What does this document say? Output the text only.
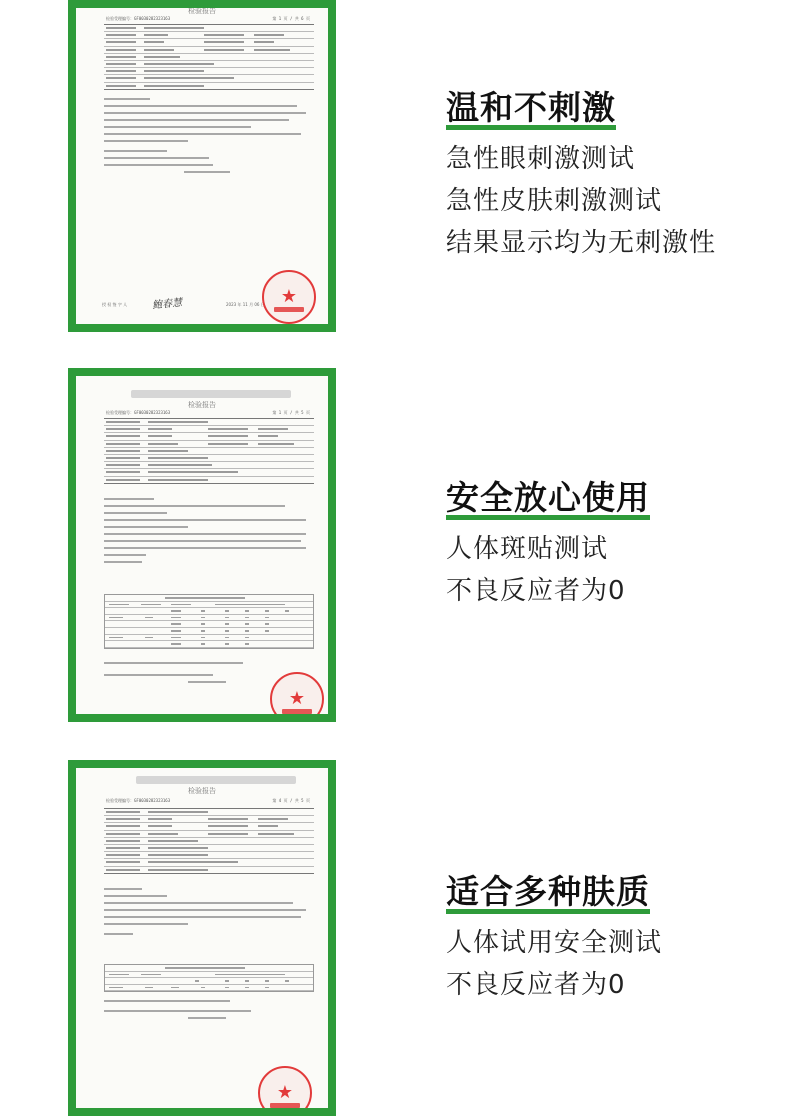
检验报告
检验受理编号：GF0030282323163	第 1 页 / 共 6 页
授 权 签 字 人 鲍春慧	2023 年 11 月 06 日 ★
温和不刺激
急性眼刺激测试
急性皮肤刺激测试
结果显示均为无刺激性
检验报告
检验受理编号：GF0030282323163	第 1 页 / 共 5 页
★
安全放心使用
人体斑贴测试
不良反应者为0
检验报告
检验受理编号：GF0030282323163	第 4 页 / 共 5 页
★
适合多种肤质
人体试用安全测试
不良反应者为0
